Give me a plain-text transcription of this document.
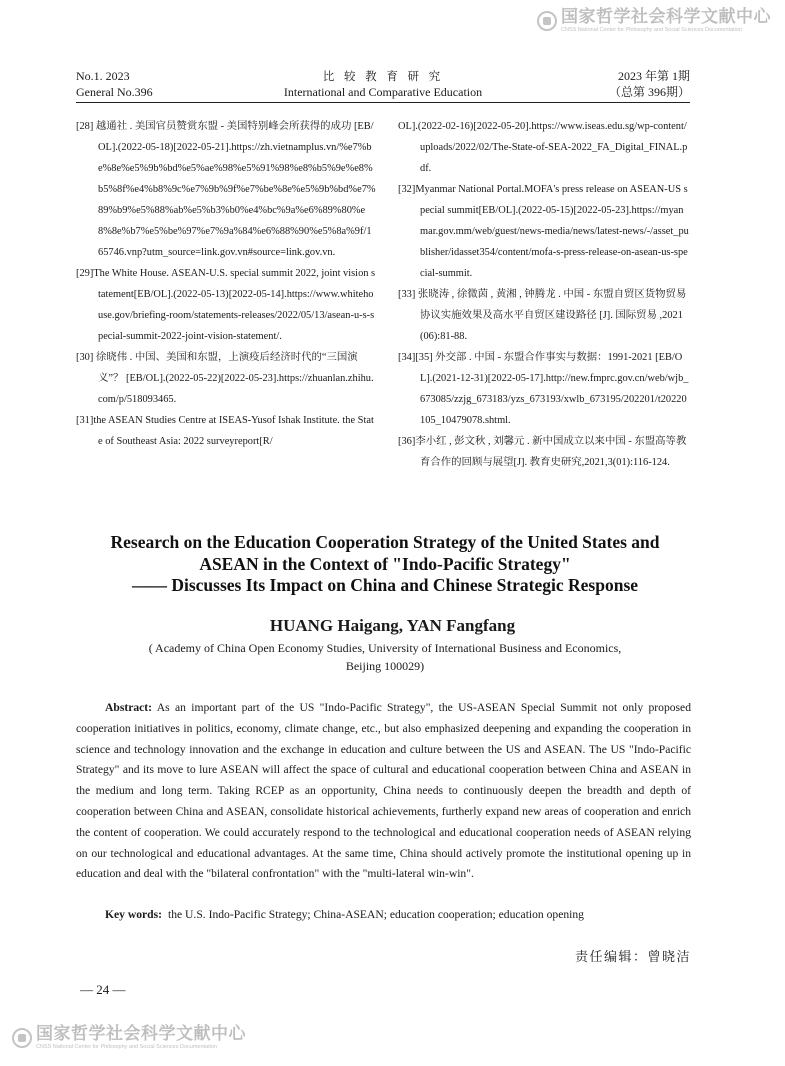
国家哲学社会科学文献中心
CNSS National Center for Philosophy and Social Sciences Documentation
No.1. 2023
General No.396
比 较 教 育 研 究
International and Comparative Education
2023 年第 1期
（总第 396期）
[28] 越通社 . 美国官员赞赏东盟 - 美国特别峰会所获得的成功 [EB/OL].(2022-05-18)[2022-05-21].https://zh.vietnamplus.vn/%e7%be%8e%e5%9b%bd%e5%ae%98%e5%91%98%e8%b5%9e%e8%b5%8f%e4%b8%9c%e7%9b%9f%e7%be%8e%e5%9b%bd%e7%89%b9%e5%88%ab%e5%b3%b0%e4%bc%9a%e6%89%80%e8%8e%b7%e5%be%97%e7%9a%84%e6%88%90%e5%8a%9f/165746.vnp?utm_source=link.gov.vn#source=link.gov.vn.
[29]The White House. ASEAN-U.S. special summit 2022, joint vision statement[EB/OL].(2022-05-13)[2022-05-14].https://www.whitehouse.gov/briefing-room/statements-releases/2022/05/13/asean-u-s-special-summit-2022-joint-vision-statement/.
[30] 徐晓伟 . 中国、美国和东盟，上演疫后经济时代的“三国演义”？ [EB/OL].(2022-05-22)[2022-05-23].https://zhuanlan.zhihu.com/p/518093465.
[31]the ASEAN Studies Centre at ISEAS-Yusof Ishak Institute. the State of Southeast Asia: 2022 surveyreport[R/
OL].(2022-02-16)[2022-05-20].https://www.iseas.edu.sg/wp-content/uploads/2022/02/The-State-of-SEA-2022_FA_Digital_FINAL.pdf.
[32]Myanmar National Portal.MOFA's press release on ASEAN-US special summit[EB/OL].(2022-05-15)[2022-05-23].https://myanmar.gov.mm/web/guest/news-media/news/latest-news/-/asset_publisher/idasset354/content/mofa-s-press-release-on-asean-us-special-summit.
[33] 张晓涛 , 徐微茵 , 黄湘 , 钟腾龙 . 中国 - 东盟自贸区货物贸易协议实施效果及高水平自贸区建设路径 [J]. 国际贸易 ,2021(06):81-88.
[34][35] 外交部 . 中国 - 东盟合作事实与数据：1991-2021 [EB/OL].(2021-12-31)[2022-05-17].http://new.fmprc.gov.cn/web/wjb_673085/zzjg_673183/yzs_673193/xwlb_673195/202201/t20220105_10479078.shtml.
[36]李小红 , 彭文秋 , 刘馨元 . 新中国成立以来中国 - 东盟高等教育合作的回顾与展望[J]. 教育史研究,2021,3(01):116-124.
Research on the Education Cooperation Strategy of the United States and
ASEAN in the Context of "Indo-Pacific Strategy"
—— Discusses Its Impact on China and Chinese Strategic Response
HUANG Haigang, YAN Fangfang
( Academy of China Open Economy Studies, University of International Business and Economics,
Beijing 100029)

Abstract: As an important part of the US "Indo-Pacific Strategy", the US-ASEAN Special Summit not only proposed cooperation initiatives in politics, economy, climate change, etc., but also emphasized deepening and expanding the cooperation in science and technology innovation and the exchange in education and culture between the US and ASEAN. The US "Indo-Pacific Strategy" and its move to lure ASEAN will affect the space of cultural and educational cooperation between China and ASEAN in the medium and long term. Taking RCEP as an opportunity, China needs to continuously deepen the breadth and depth of cooperation between China and ASEAN, consolidate historical achievements, furtherly expand new areas of cooperation and enrich the content of cooperation. We could accurately respond to the technological and educational cooperation needs of ASEAN relying on our technological and educational advantages. At the same time, China should actively promote the institutional opening up in education and deal with the "bilateral confrontation" with the "multi-lateral win-win".

Key words: the U.S. Indo-Pacific Strategy; China-ASEAN; education cooperation; education opening
责任编辑：曾晓洁
— 24 —
国家哲学社会科学文献中心
CNSS National Center for Philosophy and Social Sciences Documentation
